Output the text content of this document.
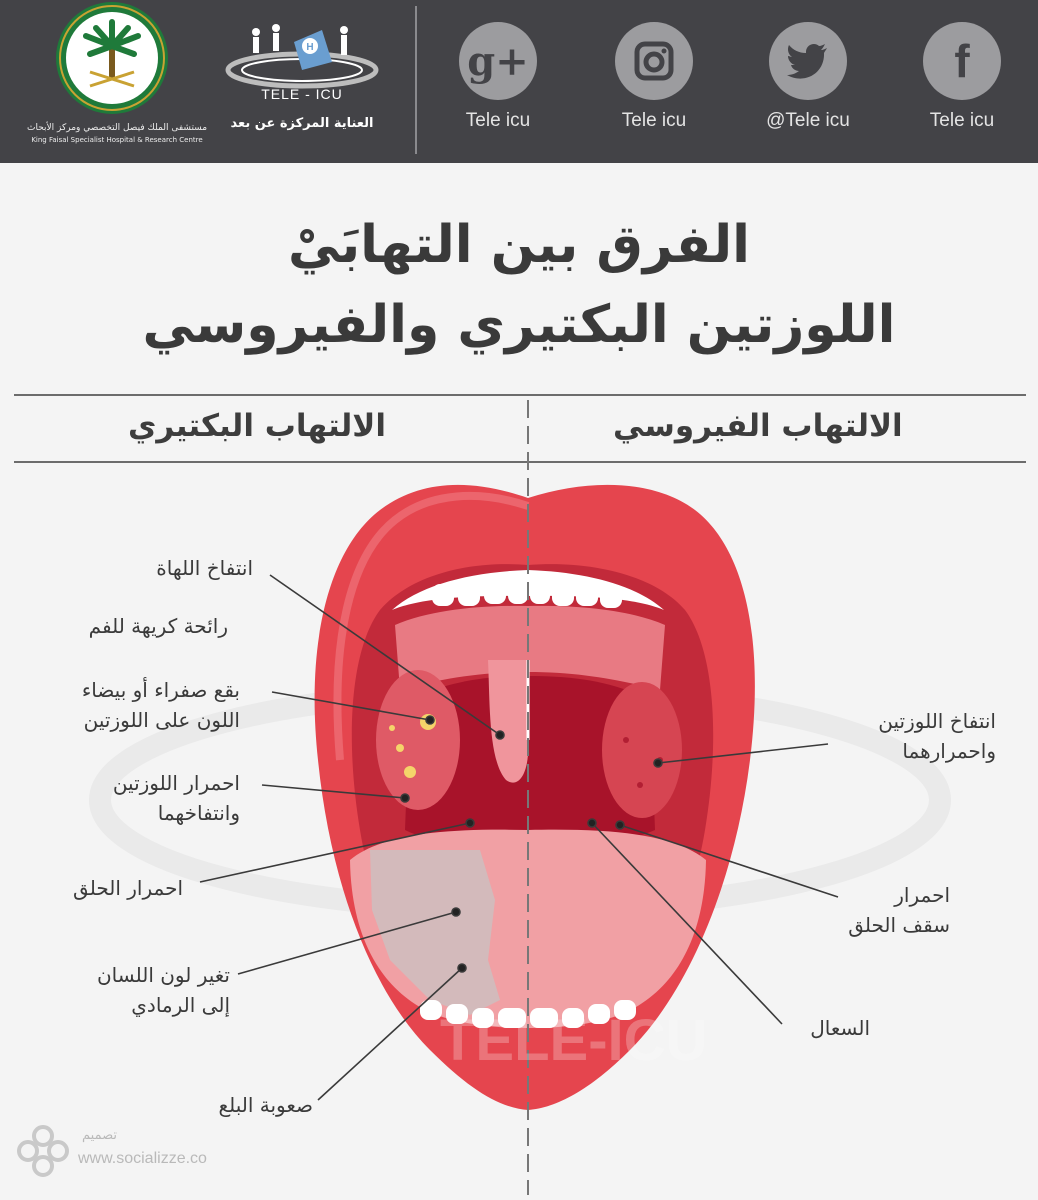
مستشفى الملك فيصل التخصصي ومركز الأبحاث
King Faisal Specialist Hospital & Research Centre
H
TELE - ICU
العناية المركزة عن بعد
g+
Tele icu	Tele icu	@Tele icu
f
Tele icu
الفرق بين التهابَيْ
اللوزتين البكتيري والفيروسي
الالتهاب البكتيري	الالتهاب الفيروسي
TELE-ICU
انتفاخ اللهاة
رائحة كريهة للفم
بقع صفراء أو بيضاء
اللون على اللوزتين
احمرار اللوزتين
وانتفاخهما
احمرار الحلق
تغير لون اللسان
إلى الرمادي
صعوبة البلع
انتفاخ اللوزتين
واحمرارهما
احمرار
سقف الحلق
السعال
تصميم
www.socializze.co
